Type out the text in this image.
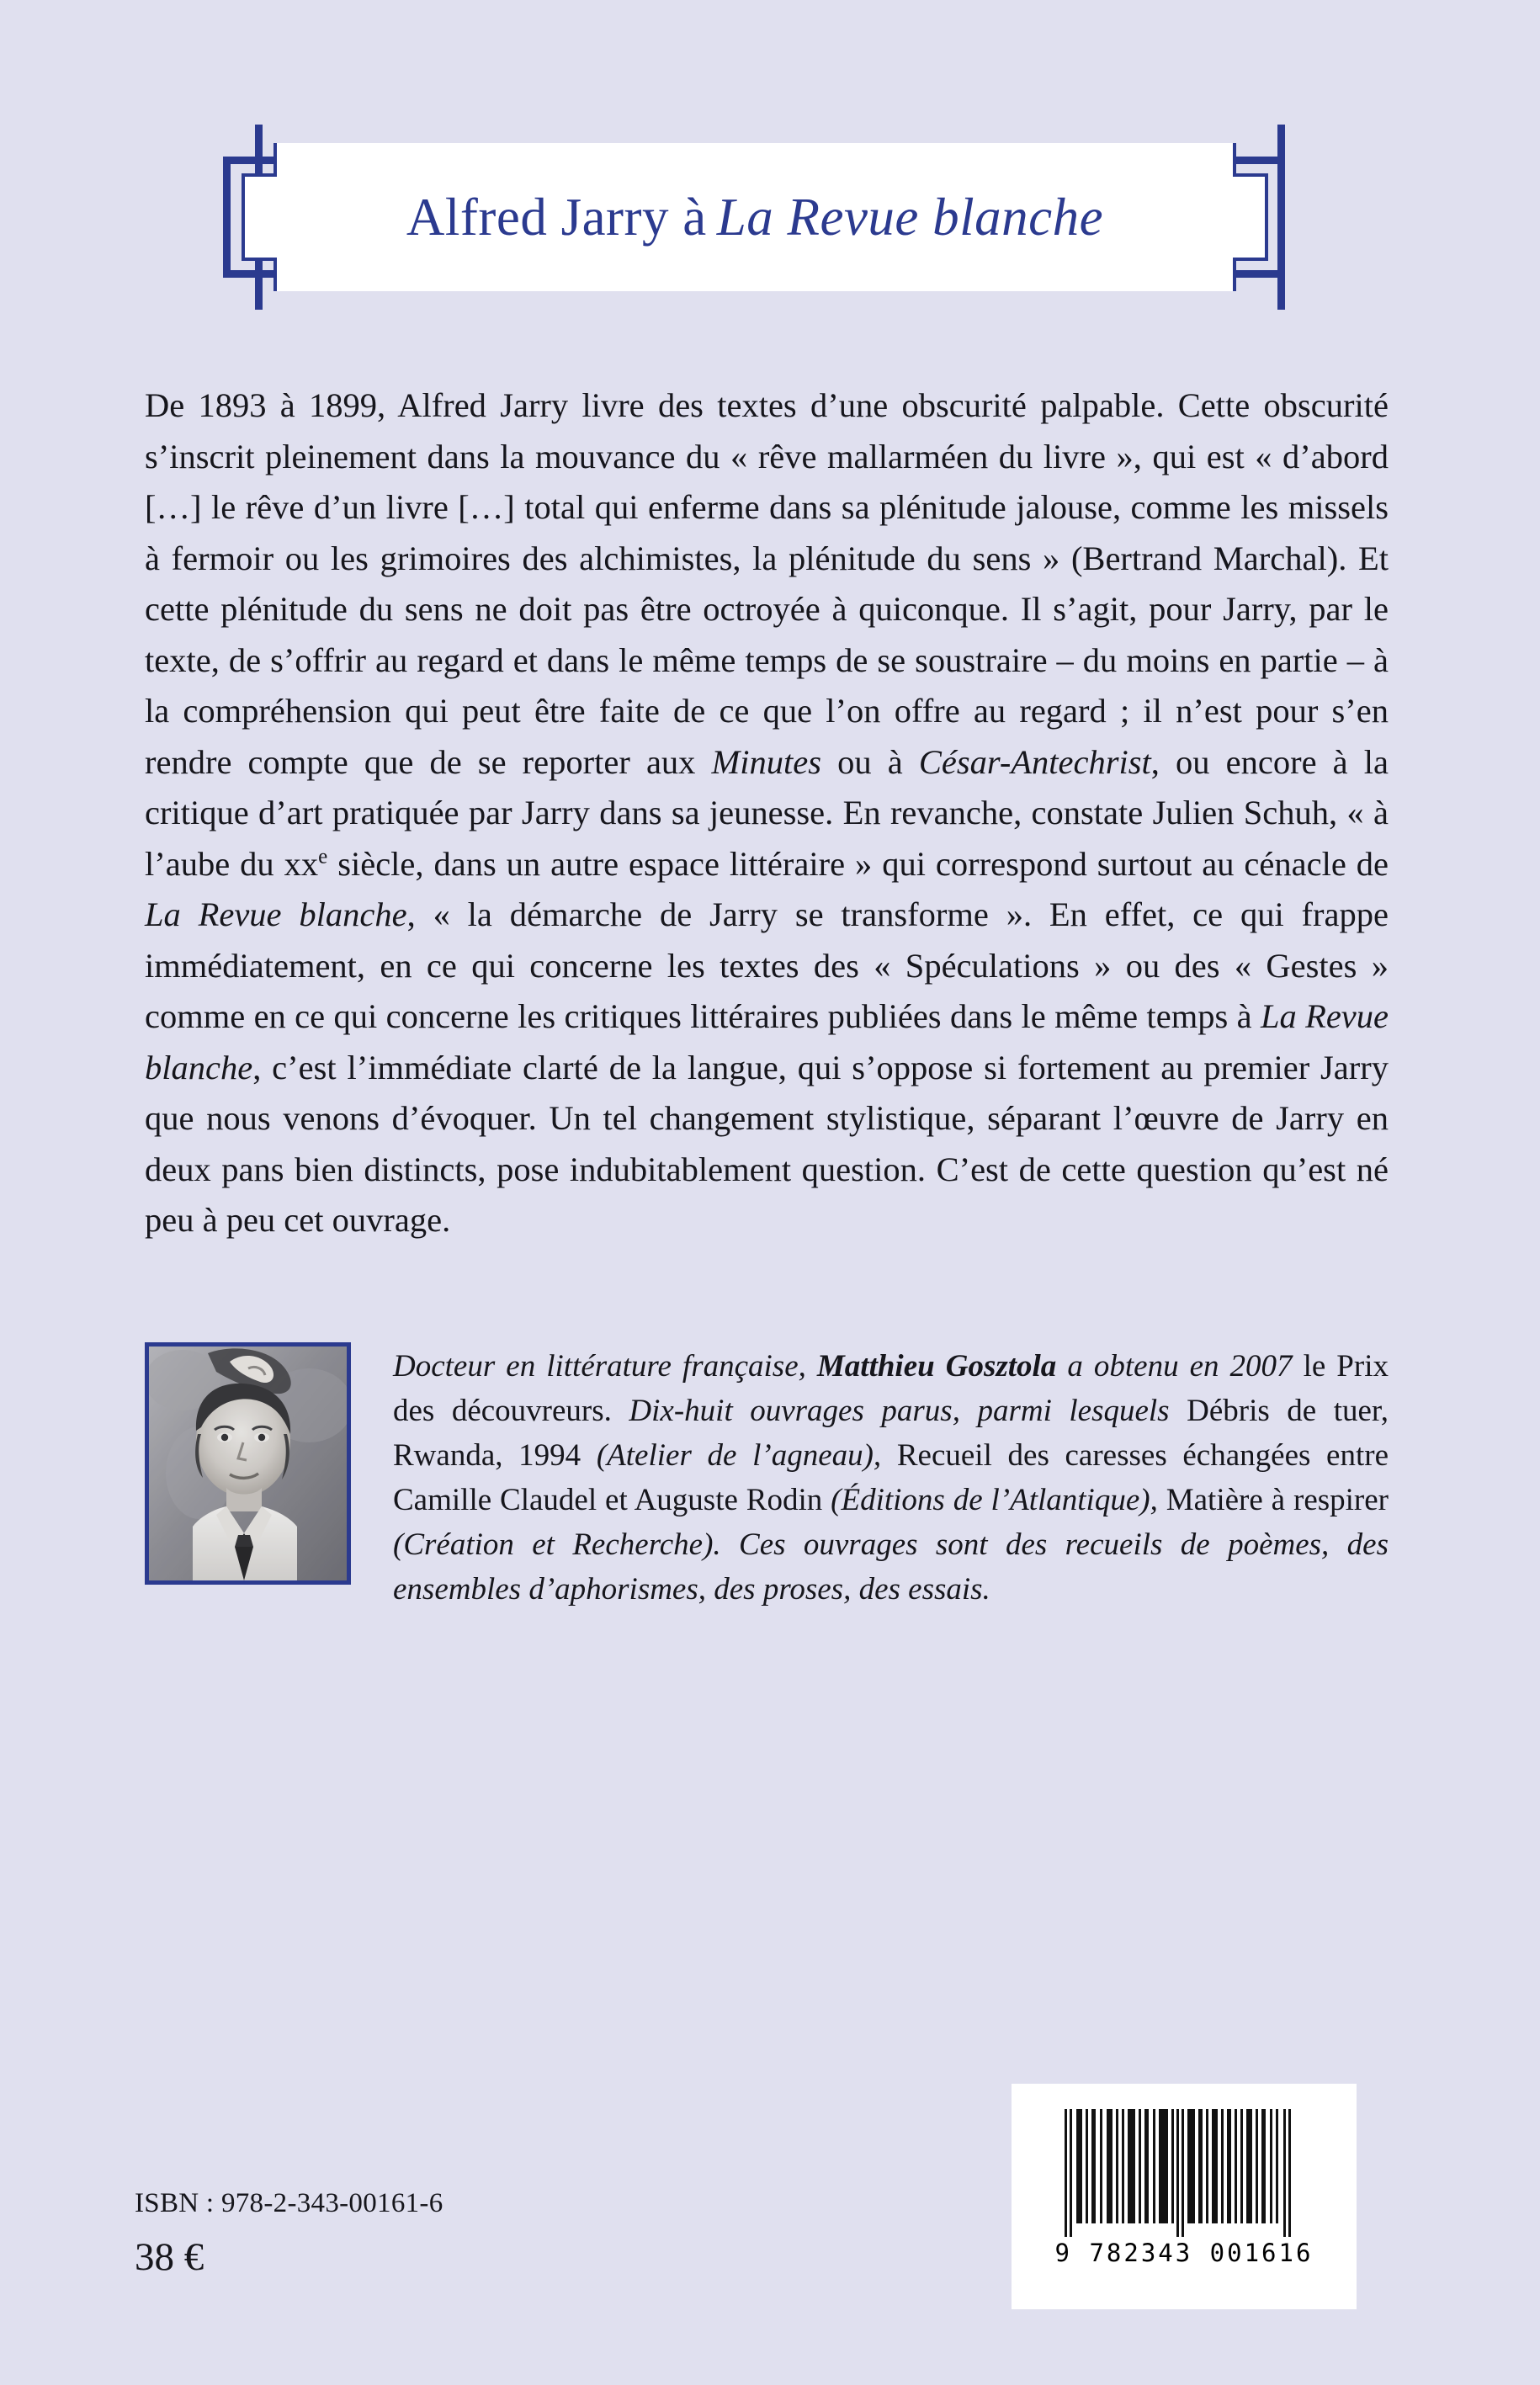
Alfred Jarry à La Revue blanche
De 1893 à 1899, Alfred Jarry livre des textes d’une obscurité palpable. Cette obscurité s’inscrit pleinement dans la mouvance du « rêve mallarméen du livre », qui est « d’abord […] le rêve d’un livre […] total qui enferme dans sa plénitude jalouse, comme les missels à fermoir ou les grimoires des alchimistes, la plénitude du sens » (Bertrand Marchal). Et cette plénitude du sens ne doit pas être octroyée à quiconque. Il s’agit, pour Jarry, par le texte, de s’offrir au regard et dans le même temps de se soustraire – du moins en partie – à la compréhension qui peut être faite de ce que l’on offre au regard ; il n’est pour s’en rendre compte que de se reporter aux Minutes ou à César-Antechrist, ou encore à la critique d’art pratiquée par Jarry dans sa jeunesse. En revanche, constate Julien Schuh, « à l’aube du $xx^e$ siècle, dans un autre espace littéraire » qui correspond surtout au cénacle de La Revue blanche, « la démarche de Jarry se transforme ». En effet, ce qui frappe immédiatement, en ce qui concerne les textes des « Spéculations » ou des « Gestes » comme en ce qui concerne les critiques littéraires publiées dans le même temps à La Revue blanche, c’est l’immédiate clarté de la langue, qui s’oppose si fortement au premier Jarry que nous venons d’évoquer. Un tel changement stylistique, séparant l’œuvre de Jarry en deux pans bien distincts, pose indubitablement question. C’est de cette question qu’est né peu à peu cet ouvrage.
Docteur en littérature française, Matthieu Gosztola a obtenu en 2007 le Prix des découvreurs. Dix-huit ouvrages parus, parmi lesquels Débris de tuer, Rwanda, 1994 (Atelier de l’agneau), Recueil des caresses échangées entre Camille Claudel et Auguste Rodin (Éditions de l’Atlantique), Matière à respirer (Création et Recherche). Ces ouvrages sont des recueils de poèmes, des ensembles d’aphorismes, des proses, des essais.
ISBN : 978-2-343-00161-6
38 €	9 782343 001616
